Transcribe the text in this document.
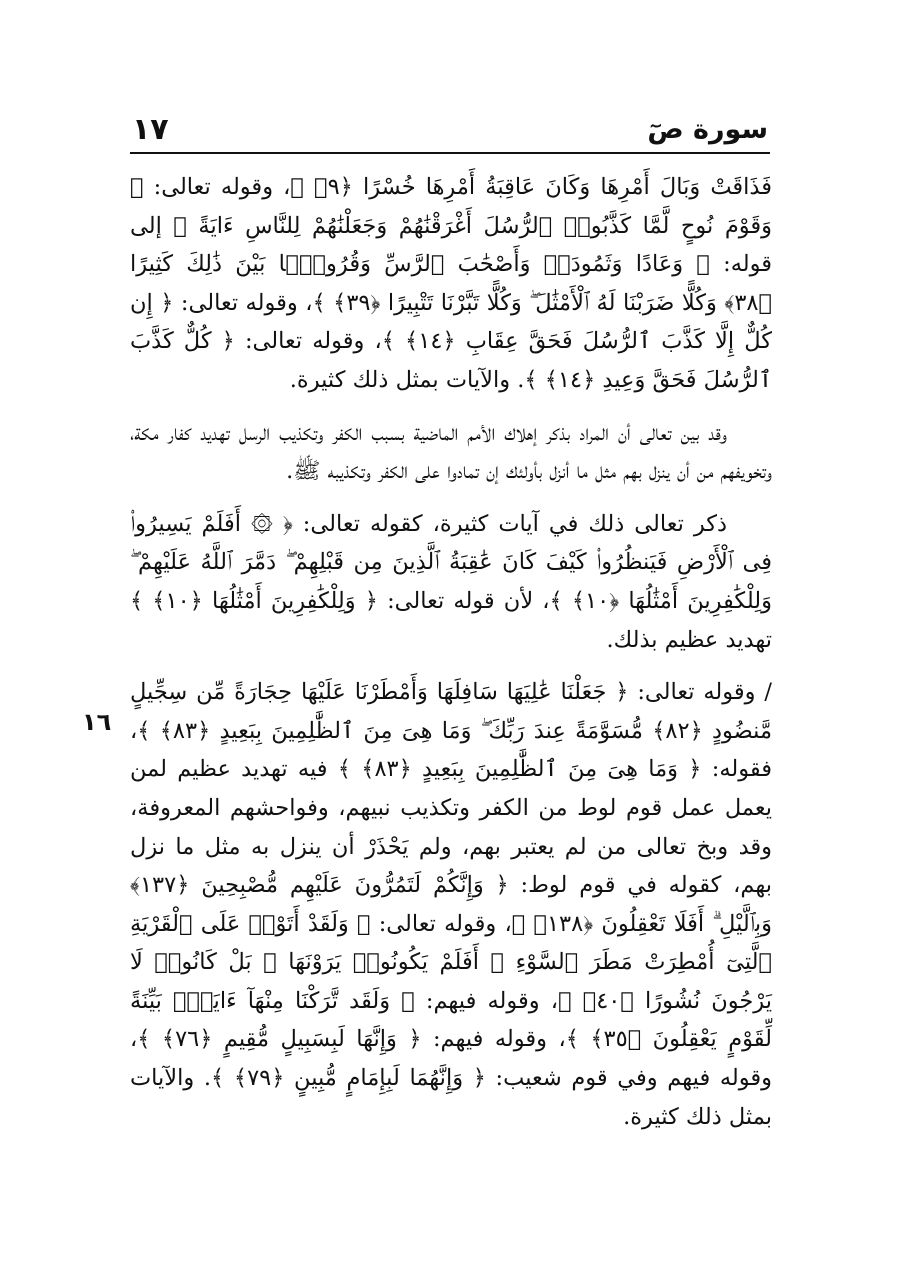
١٧	سورة صٓ
١٦

فَذَاقَتْ وَبَالَ أَمْرِهَا وَكَانَ عَاقِبَةُ أَمْرِهَا خُسْرًا ﴿٩﴾ ﴾، وقوله تعالى: ﴿ وَقَوْمَ نُوحٍ لَّمَّا كَذَّبُوا۟ ٱلرُّسُلَ أَغْرَقْنَٰهُمْ وَجَعَلْنَٰهُمْ لِلنَّاسِ ءَايَةً ﴾ إلى قوله: ﴿ وَعَادًا وَثَمُودَا۟ وَأَصْحَٰبَ ٱلرَّسِّ وَقُرُونًۢا بَيْنَ ذَٰلِكَ كَثِيرًا ﴿٣٨﴾ وَكُلًّا ضَرَبْنَا لَهُ ٱلْأَمْثَٰلَ ۖ وَكُلًّا تَبَّرْنَا تَتْبِيرًا ﴿٣٩﴾ ﴾، وقوله تعالى: ﴿ إِن كُلٌّ إِلَّا كَذَّبَ ٱلرُّسُلَ فَحَقَّ عِقَابِ ﴿١٤﴾ ﴾، وقوله تعالى: ﴿ كُلٌّ كَذَّبَ ٱلرُّسُلَ فَحَقَّ وَعِيدِ ﴿١٤﴾ ﴾. والآيات بمثل ذلك كثيرة.

وقد بين تعالى أن المراد بذكر إهلاك الأمم الماضية بسبب الكفر وتكذيب الرسل تهديد كفار مكة، وتخويفهم من أن ينزل بهم مثل ما أنزل بأولئك إن تمادوا على الكفر وتكذيبه ﷺ.

ذكر تعالى ذلك في آيات كثيرة، كقوله تعالى: ﴿ ۞ أَفَلَمْ يَسِيرُوا۟ فِى ٱلْأَرْضِ فَيَنظُرُوا۟ كَيْفَ كَانَ عَٰقِبَةُ ٱلَّذِينَ مِن قَبْلِهِمْ ۖ دَمَّرَ ٱللَّهُ عَلَيْهِمْ ۖ وَلِلْكَٰفِرِينَ أَمْثَٰلُهَا ﴿١٠﴾ ﴾، لأن قوله تعالى: ﴿ وَلِلْكَٰفِرِينَ أَمْثَٰلُهَا ﴿١٠﴾ ﴾ تهديد عظيم بذلك.

/ وقوله تعالى: ﴿ جَعَلْنَا عَٰلِيَهَا سَافِلَهَا وَأَمْطَرْنَا عَلَيْهَا حِجَارَةً مِّن سِجِّيلٍ مَّنضُودٍ ﴿٨٢﴾ مُّسَوَّمَةً عِندَ رَبِّكَ ۖ وَمَا هِىَ مِنَ ٱلظَّٰلِمِينَ بِبَعِيدٍ ﴿٨٣﴾ ﴾، فقوله: ﴿ وَمَا هِىَ مِنَ ٱلظَّٰلِمِينَ بِبَعِيدٍ ﴿٨٣﴾ ﴾ فيه تهديد عظيم لمن يعمل عمل قوم لوط من الكفر وتكذيب نبيهم، وفواحشهم المعروفة، وقد وبخ تعالى من لم يعتبر بهم، ولم يَحْذَرْ أن ينزل به مثل ما نزل بهم، كقوله في قوم لوط: ﴿ وَإِنَّكُمْ لَتَمُرُّونَ عَلَيْهِم مُّصْبِحِينَ ﴿١٣٧﴾ وَبِٱلَّيْلِ ۗ أَفَلَا تَعْقِلُونَ ﴿١٣٨﴾ ﴾، وقوله تعالى: ﴿ وَلَقَدْ أَتَوْا۟ عَلَى ٱلْقَرْيَةِ ٱلَّتِىٓ أُمْطِرَتْ مَطَرَ ٱلسَّوْءِ ۚ أَفَلَمْ يَكُونُوا۟ يَرَوْنَهَا ۚ بَلْ كَانُوا۟ لَا يَرْجُونَ نُشُورًا ﴿٤٠﴾ ﴾، وقوله فيهم: ﴿ وَلَقَد تَّرَكْنَا مِنْهَآ ءَايَةًۢ بَيِّنَةً لِّقَوْمٍ يَعْقِلُونَ ﴿٣٥﴾ ﴾، وقوله فيهم: ﴿ وَإِنَّهَا لَبِسَبِيلٍ مُّقِيمٍ ﴿٧٦﴾ ﴾، وقوله فيهم وفي قوم شعيب: ﴿ وَإِنَّهُمَا لَبِإِمَامٍ مُّبِينٍ ﴿٧٩﴾ ﴾. والآيات بمثل ذلك كثيرة.
